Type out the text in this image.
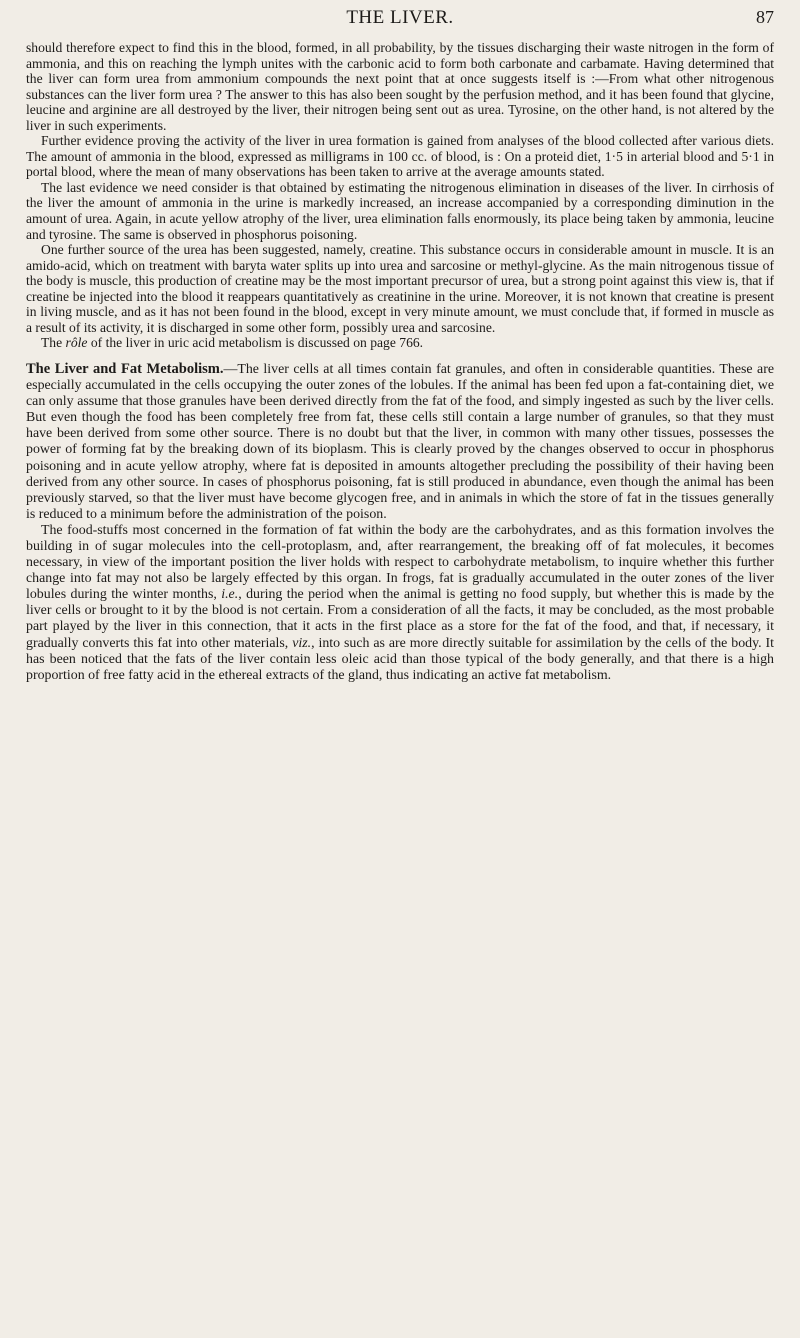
THE LIVER.	87

should therefore expect to find this in the blood, formed, in all probability, by the tissues discharging their waste nitrogen in the form of ammonia, and this on reaching the lymph unites with the carbonic acid to form both carbonate and carbamate. Having determined that the liver can form urea from ammonium compounds the next point that at once suggests itself is :—From what other nitrogenous substances can the liver form urea ? The answer to this has also been sought by the perfusion method, and it has been found that glycine, leucine and arginine are all destroyed by the liver, their nitrogen being sent out as urea. Tyrosine, on the other hand, is not altered by the liver in such experiments.

Further evidence proving the activity of the liver in urea formation is gained from analyses of the blood collected after various diets. The amount of ammonia in the blood, expressed as milligrams in 100 cc. of blood, is : On a proteid diet, 1·5 in arterial blood and 5·1 in portal blood, where the mean of many observations has been taken to arrive at the average amounts stated.

The last evidence we need consider is that obtained by estimating the nitrogenous elimination in diseases of the liver. In cirrhosis of the liver the amount of ammonia in the urine is markedly increased, an increase accompanied by a corresponding diminution in the amount of urea. Again, in acute yellow atrophy of the liver, urea elimination falls enormously, its place being taken by ammonia, leucine and tyrosine. The same is observed in phosphorus poisoning.

One further source of the urea has been suggested, namely, creatine. This substance occurs in considerable amount in muscle. It is an amido-acid, which on treatment with baryta water splits up into urea and sarcosine or methyl-glycine. As the main nitrogenous tissue of the body is muscle, this production of creatine may be the most important precursor of urea, but a strong point against this view is, that if creatine be injected into the blood it reappears quantitatively as creatinine in the urine. Moreover, it is not known that creatine is present in living muscle, and as it has not been found in the blood, except in very minute amount, we must conclude that, if formed in muscle as a result of its activity, it is discharged in some other form, possibly urea and sarcosine.

The rôle of the liver in uric acid metabolism is discussed on page 766.

The Liver and Fat Metabolism.—The liver cells at all times contain fat granules, and often in considerable quantities. These are especially accumulated in the cells occupying the outer zones of the lobules. If the animal has been fed upon a fat-containing diet, we can only assume that those granules have been derived directly from the fat of the food, and simply ingested as such by the liver cells. But even though the food has been completely free from fat, these cells still contain a large number of granules, so that they must have been derived from some other source. There is no doubt but that the liver, in common with many other tissues, possesses the power of forming fat by the breaking down of its bioplasm. This is clearly proved by the changes observed to occur in phosphorus poisoning and in acute yellow atrophy, where fat is deposited in amounts altogether precluding the possibility of their having been derived from any other source. In cases of phosphorus poisoning, fat is still produced in abundance, even though the animal has been previously starved, so that the liver must have become glycogen free, and in animals in which the store of fat in the tissues generally is reduced to a minimum before the administration of the poison.

The food-stuffs most concerned in the formation of fat within the body are the carbohydrates, and as this formation involves the building in of sugar molecules into the cell-protoplasm, and, after rearrangement, the breaking off of fat molecules, it becomes necessary, in view of the important position the liver holds with respect to carbohydrate metabolism, to inquire whether this further change into fat may not also be largely effected by this organ. In frogs, fat is gradually accumulated in the outer zones of the liver lobules during the winter months, i.e., during the period when the animal is getting no food supply, but whether this is made by the liver cells or brought to it by the blood is not certain. From a consideration of all the facts, it may be concluded, as the most probable part played by the liver in this connection, that it acts in the first place as a store for the fat of the food, and that, if necessary, it gradually converts this fat into other materials, viz., into such as are more directly suitable for assimilation by the cells of the body. It has been noticed that the fats of the liver contain less oleic acid than those typical of the body generally, and that there is a high proportion of free fatty acid in the ethereal extracts of the gland, thus indicating an active fat metabolism.
